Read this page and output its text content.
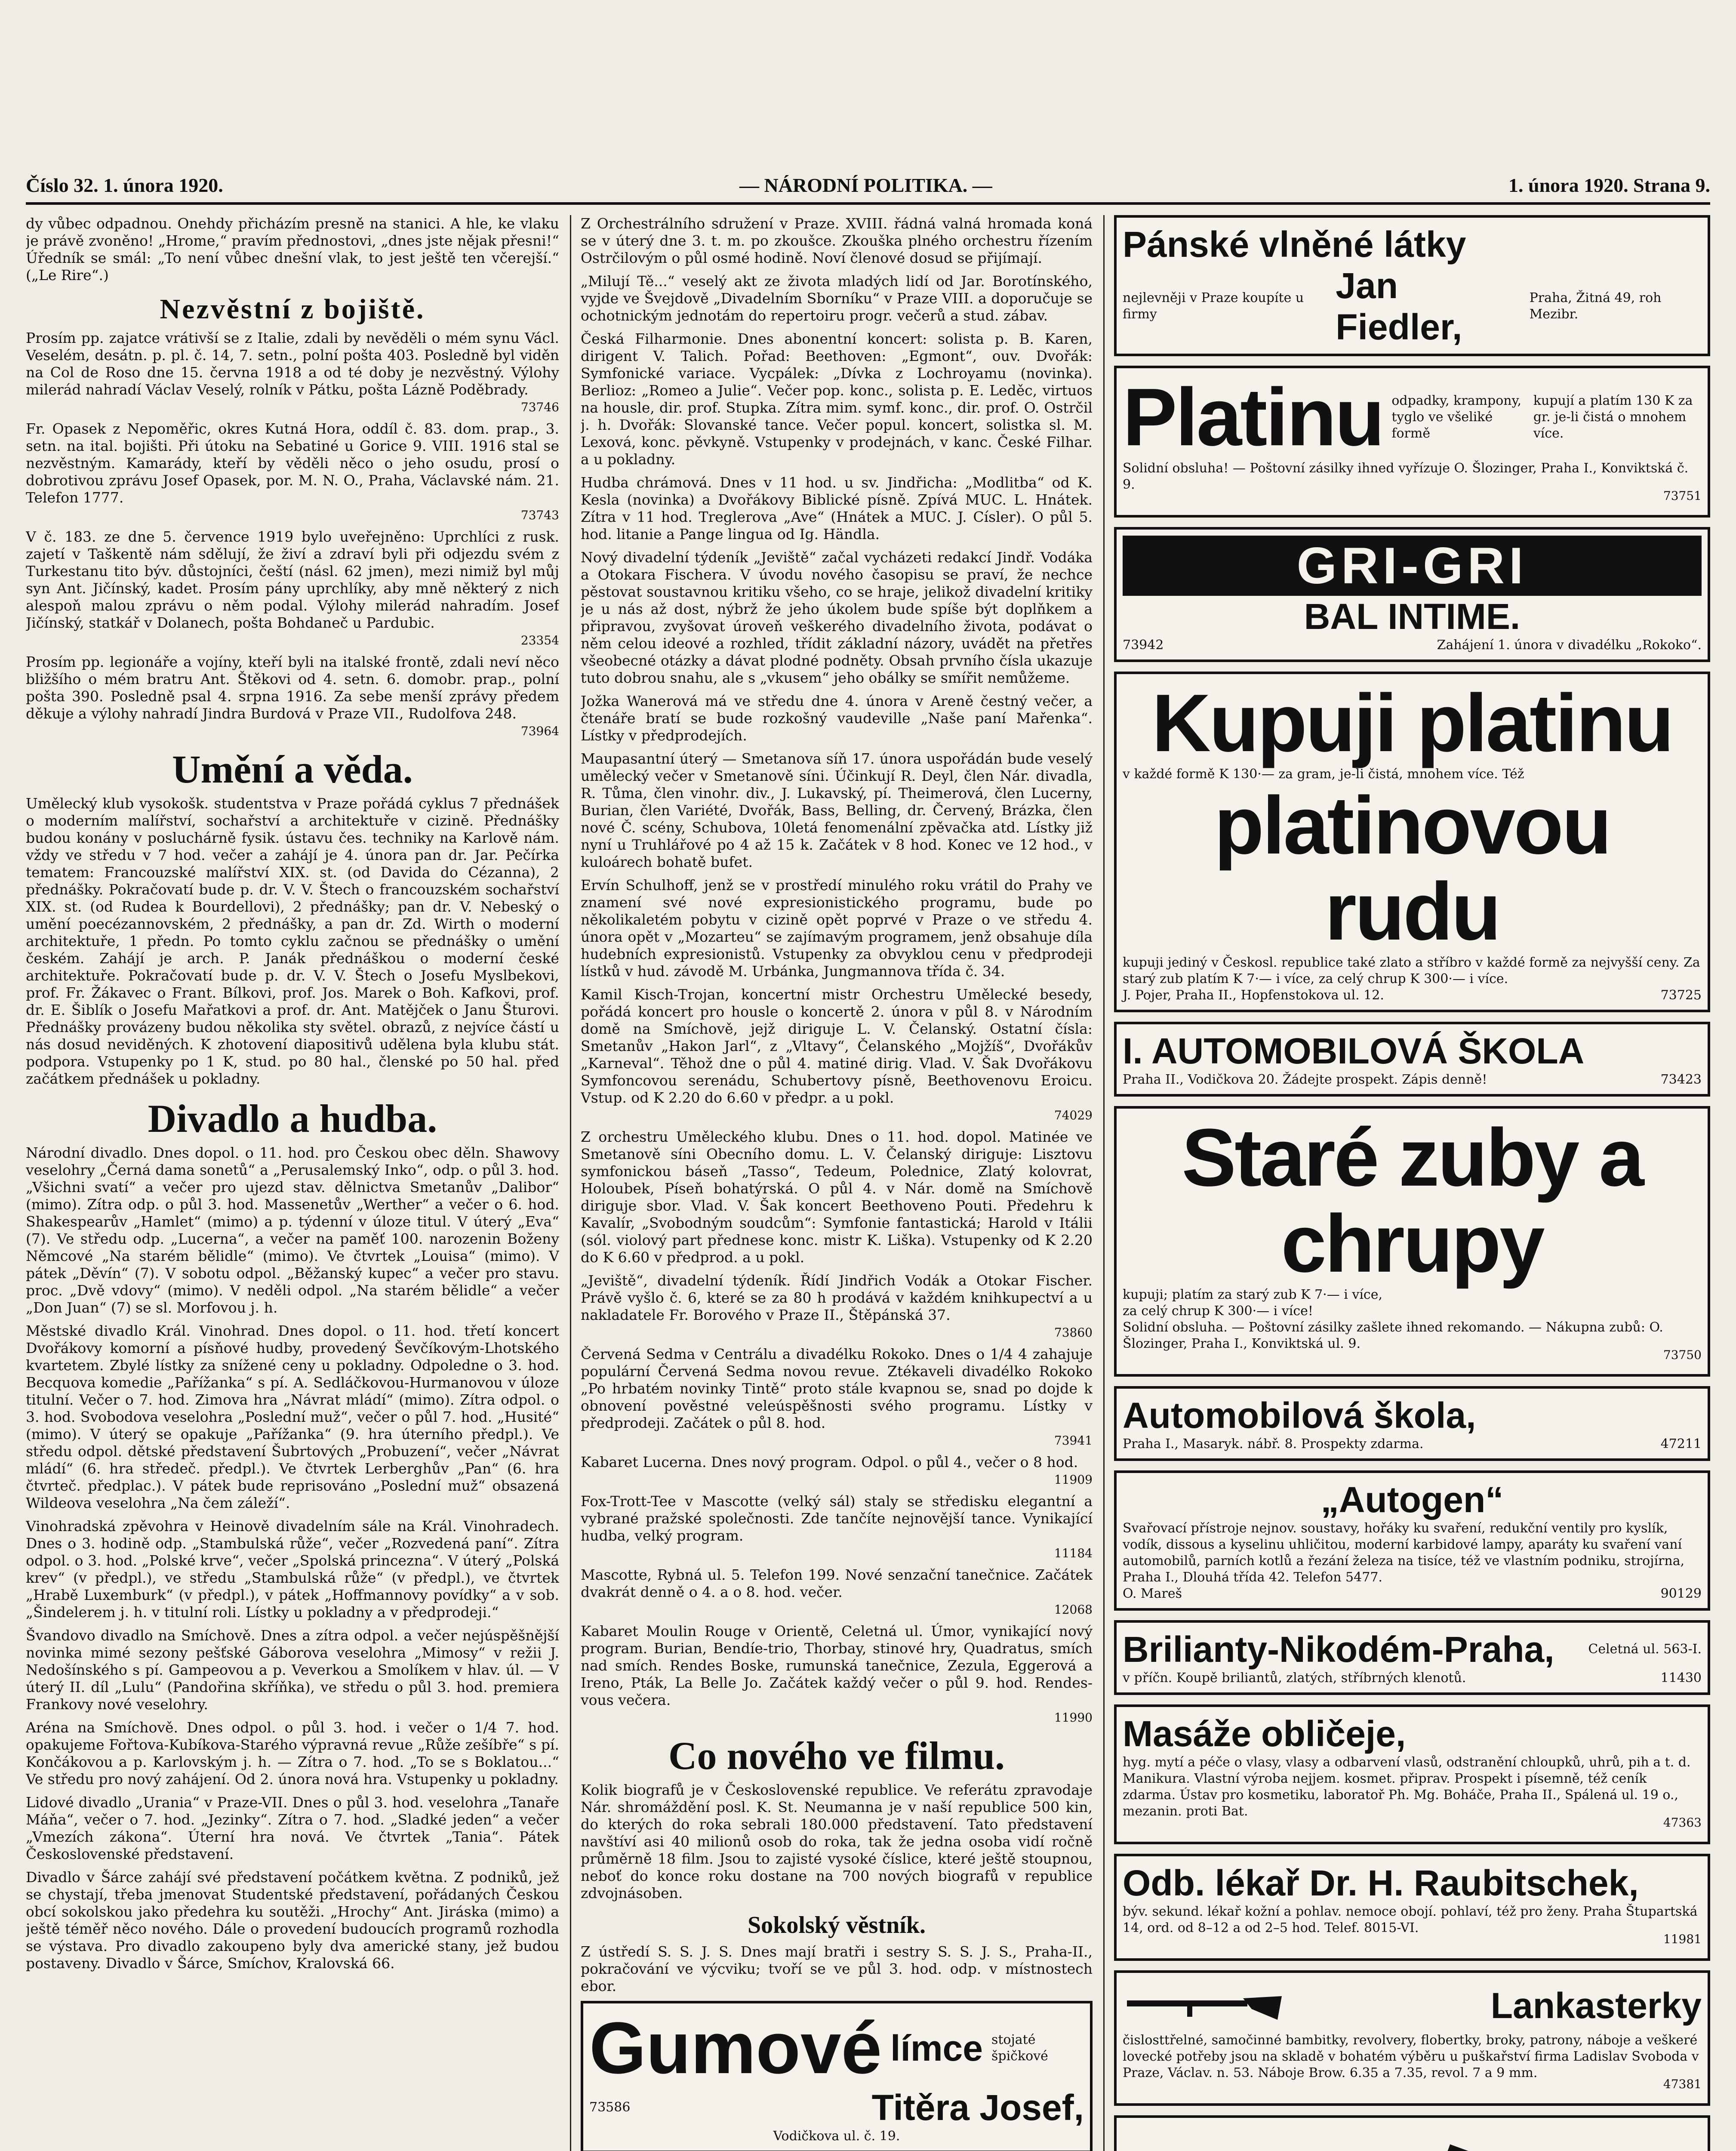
Číslo 32. 1. února 1920.	— NÁRODNÍ POLITIKA. —	1. února 1920. Strana 9.

dy vůbec odpadnou. Onehdy přicházím presně na stanici. A hle, ke vlaku je právě zvoněno! „Hrome,“ pravím přednostovi, „dnes jste nějak přesni!“ Úředník se smál: „To není vůbec dnešní vlak, to jest ještě ten včerejší.“ („Le Rire“.)

Nezvěstní z bojiště.

Prosím pp. zajatce vrátivší se z Italie, zdali by nevěděli o mém synu Václ. Veselém, desátn. p. pl. č. 14, 7. setn., polní pošta 403. Posledně byl viděn na Col de Roso dne 15. června 1918 a od té doby je nezvěstný. Výlohy milerád nahradí Václav Veselý, rolník v Pátku, pošta Lázně Poděbrady.

73746

Fr. Opasek z Nepoměřic, okres Kutná Hora, oddíl č. 83. dom. prap., 3. setn. na ital. bojišti. Při útoku na Sebatiné u Gorice 9. VIII. 1916 stal se nezvěstným. Kamarády, kteří by věděli něco o jeho osudu, prosí o dobrotivou zprávu Josef Opasek, por. M. N. O., Praha, Václavské nám. 21. Telefon 1777.

73743

V č. 183. ze dne 5. července 1919 bylo uveřejněno: Uprchlíci z rusk. zajetí v Taškentě nám sdělují, že živí a zdraví byli při odjezdu svém z Turkestanu tito býv. důstojníci, čeští (násl. 62 jmen), mezi nimiž byl můj syn Ant. Jičínský, kadet. Prosím pány uprchlíky, aby mně některý z nich alespoň malou zprávu o něm podal. Výlohy milerád nahradím. Josef Jičínský, statkář v Dolanech, pošta Bohdaneč u Pardubic.

23354

Prosím pp. legionáře a vojíny, kteří byli na italské frontě, zdali neví něco bližšího o mém bratru Ant. Štěkovi od 4. setn. 6. domobr. prap., polní pošta 390. Posledně psal 4. srpna 1916. Za sebe menší zprávy předem děkuje a výlohy nahradí Jindra Burdová v Praze VII., Rudolfova 248.

73964
Umění a věda.

Umělecký klub vysokošk. studentstva v Praze pořádá cyklus 7 přednášek o moderním malířství, sochařství a architektuře v cizině. Přednášky budou konány v posluchárně fysik. ústavu čes. techniky na Karlově nám. vždy ve středu v 7 hod. večer a zahájí je 4. února pan dr. Jar. Pečírka tematem: Francouzské malířství XIX. st. (od Davida do Cézanna), 2 přednášky. Pokračovatí bude p. dr. V. V. Štech o francouzském sochařství XIX. st. (od Rudea k Bourdellovi), 2 přednášky; pan dr. V. Nebeský o umění poecézannovském, 2 přednášky, a pan dr. Zd. Wirth o moderní architektuře, 1 předn. Po tomto cyklu začnou se přednášky o umění českém. Zahájí je arch. P. Janák přednáškou o moderní české architektuře. Pokračovatí bude p. dr. V. V. Štech o Josefu Myslbekovi, prof. Fr. Žákavec o Frant. Bílkovi, prof. Jos. Marek o Boh. Kafkovi, prof. dr. E. Šiblík o Josefu Mařatkovi a prof. dr. Ant. Matějček o Janu Šturovi. Přednášky provázeny budou několika sty světel. obrazů, z nejvíce částí u nás dosud neviděných. K zhotovení diapositivů udělena byla klubu stát. podpora. Vstupenky po 1 K, stud. po 80 hal., členské po 50 hal. před začátkem přednášek u pokladny.

Divadlo a hudba.

Národní divadlo. Dnes dopol. o 11. hod. pro Českou obec děln. Shawovy veselohry „Černá dama sonetů“ a „Perusalemský Inko“, odp. o půl 3. hod. „Všichni svatí“ a večer pro ujezd stav. dělnictva Smetanův „Dalibor“ (mimo). Zítra odp. o půl 3. hod. Massenetův „Werther“ a večer o 6. hod. Shakespearův „Hamlet“ (mimo) a p. týdenní v úloze titul. V úterý „Eva“ (7). Ve středu odp. „Lucerna“, a večer na paměť 100. narozenin Boženy Němcové „Na starém bělidle“ (mimo). Ve čtvrtek „Louisa“ (mimo). V pátek „Děvín“ (7). V sobotu odpol. „Běžanský kupec“ a večer pro stavu. proc. „Dvě vdovy“ (mimo). V neděli odpol. „Na starém bělidle“ a večer „Don Juan“ (7) se sl. Morfovou j. h.

Městské divadlo Král. Vinohrad. Dnes dopol. o 11. hod. třetí koncert Dvořákovy komorní a písňové hudby, provedený Ševčíkovým-Lhotského kvartetem. Zbylé lístky za snížené ceny u pokladny. Odpoledne o 3. hod. Becquova komedie „Pařížanka“ s pí. A. Sedláčkovou-Hurmanovou v úloze titulní. Večer o 7. hod. Zimova hra „Návrat mládí“ (mimo). Zítra odpol. o 3. hod. Svobodova veselohra „Poslední muž“, večer o půl 7. hod. „Husité“ (mimo). V úterý se opakuje „Pařížanka“ (9. hra úterního předpl.). Ve středu odpol. dětské představení Šubrtových „Probuzení“, večer „Návrat mládí“ (6. hra středeč. předpl.). Ve čtvrtek Lerberghův „Pan“ (6. hra čtvrteč. předplac.). V pátek bude reprisováno „Poslední muž“ obsazená Wildeova veselohra „Na čem záleží“.

Vinohradská zpěvohra v Heinově divadelním sále na Král. Vinohradech. Dnes o 3. hodině odp. „Stambulská růže“, večer „Rozvedená paní“. Zítra odpol. o 3. hod. „Polské krve“, večer „Spolská princezna“. V úterý „Polská krev“ (v předpl.), ve středu „Stambulská růže“ (v předpl.), ve čtvrtek „Hrabě Luxemburk“ (v předpl.), v pátek „Hoffmannovy povídky“ a v sob. „Šindelerem j. h. v titulní roli. Lístky u pokladny a v předprodeji.“

Švandovo divadlo na Smíchově. Dnes a zítra odpol. a večer nejúspěšnější novinka mimé sezony pešťské Gáborova veselohra „Mimosy“ v režii J. Nedošínského s pí. Gampeovou a p. Veverkou a Smolíkem v hlav. úl. — V úterý II. díl „Lulu“ (Pandořina skříňka), ve středu o půl 3. hod. premiera Frankovy nové veselohry.

Aréna na Smíchově. Dnes odpol. o půl 3. hod. i večer o 1/4 7. hod. opakujeme Fořtova-Kubíkova-Starého výpravná revue „Růže zešíbře“ s pí. Končákovou a p. Karlovským j. h. — Zítra o 7. hod. „To se s Boklatou...“ Ve středu pro nový zahájení. Od 2. února nová hra. Vstupenky u pokladny.

Lidové divadlo „Urania“ v Praze-VII. Dnes o půl 3. hod. veselohra „Tanaře Máňa“, večer o 7. hod. „Jezinky“. Zítra o 7. hod. „Sladké jeden“ a večer „Vmezích zákona“. Úterní hra nová. Ve čtvrtek „Tania“. Pátek Československé představení.

Divadlo v Šárce zahájí své představení počátkem května. Z podniků, jež se chystají, třeba jmenovat Studentské představení, pořádaných Českou obcí sokolskou jako předehra ku soutěži. „Hrochy“ Ant. Jiráska (mimo) a ještě téměř něco nového. Dále o provedení budoucích programů rozhodla se výstava. Pro divadlo zakoupeno byly dva americké stany, jež budou postaveny. Divadlo v Šárce, Smíchov, Kralovská 66.

Z Orchestrálního sdružení v Praze. XVIII. řádná valná hromada koná se v úterý dne 3. t. m. po zkoušce. Zkouška plného orchestru řízením Ostrčilovým o půl osmé hodině. Noví členové dosud se přijímají.

„Milují Tě...“ veselý akt ze života mladých lidí od Jar. Borotínského, vyjde ve Švejdově „Divadelním Sborníku“ v Praze VIII. a doporučuje se ochotnickým jednotám do repertoiru progr. večerů a stud. zábav.

Česká Filharmonie. Dnes abonentní koncert: solista p. B. Karen, dirigent V. Talich. Pořad: Beethoven: „Egmont“, ouv. Dvořák: Symfonické variace. Vycpálek: „Dívka z Lochroyamu (novinka). Berlioz: „Romeo a Julie“. Večer pop. konc., solista p. E. Leděc, virtuos na housle, dir. prof. Stupka. Zítra mim. symf. konc., dir. prof. O. Ostrčil j. h. Dvořák: Slovanské tance. Večer popul. koncert, solistka sl. M. Lexová, konc. pěvkyně. Vstupenky v prodejnách, v kanc. České Filhar. a u pokladny.

Hudba chrámová. Dnes v 11 hod. u sv. Jindřicha: „Modlitba“ od K. Kesla (novinka) a Dvořákovy Biblické písně. Zpívá MUC. L. Hnátek. Zítra v 11 hod. Treglerova „Ave“ (Hnátek a MUC. J. Císler). O půl 5. hod. litanie a Pange lingua od Ig. Händla.

Nový divadelní týdeník „Jeviště“ začal vycházeti redakcí Jindř. Vodáka a Otokara Fischera. V úvodu nového časopisu se praví, že nechce pěstovat soustavnou kritiku všeho, co se hraje, jelikož divadelní kritiky je u nás až dost, nýbrž že jeho úkolem bude spíše být doplňkem a připravou, zvyšovat úroveň veškerého divadelního života, podávat o něm celou ideové a rozhled, třídit základní názory, uvádět na přetřes všeobecné otázky a dávat plodné podněty. Obsah prvního čísla ukazuje tuto dobrou snahu, ale s „vkusem“ jeho obálky se smířit nemůžeme.

Jožka Wanerová má ve středu dne 4. února v Areně čestný večer, a čtenáře bratí se bude rozkošný vaudeville „Naše paní Mařenka“. Lístky v předprodejích.

Maupasantní úterý — Smetanova síň 17. února uspořádán bude veselý umělecký večer v Smetanově síni. Účinkují R. Deyl, člen Nár. divadla, R. Tůma, člen vinohr. div., J. Lukavský, pí. Theimerová, člen Lucerny, Burian, člen Variété, Dvořák, Bass, Belling, dr. Červený, Brázka, člen nové Č. scény, Schubova, 10letá fenomenální zpěvačka atd. Lístky již nyní u Truhlářové po 4 až 15 k. Začátek v 8 hod. Konec ve 12 hod., v kuloárech bohatě bufet.

Ervín Schulhoff, jenž se v prostředí minulého roku vrátil do Prahy ve znamení své nové expresionistického programu, bude po několikaletém pobytu v cizině opět poprvé v Praze o ve středu 4. února opět v „Mozarteu“ se zajímavým programem, jenž obsahuje díla hudebních expresionistů. Vstupenky za obvyklou cenu v předprodeji lístků v hud. závodě M. Urbánka, Jungmannova třída č. 34.

Kamil Kisch-Trojan, koncertní mistr Orchestru Umělecké besedy, pořádá koncert pro housle o koncertě 2. února v půl 8. v Národním domě na Smíchově, jejž diriguje L. V. Čelanský. Ostatní čísla: Smetanův „Hakon Jarl“, z „Vltavy“, Čelanského „Mojžíš“, Dvořákův „Karneval“. Těhož dne o půl 4. matiné dirig. Vlad. V. Šak Dvořákovu Symfoncovou serenádu, Schubertovy písně, Beethovenovu Eroicu. Vstup. od K 2.20 do 6.60 v předpr. a u pokl.

74029

Z orchestru Uměleckého klubu. Dnes o 11. hod. dopol. Matinée ve Smetanově síni Obecního domu. L. V. Čelanský diriguje: Lisztovu symfonickou báseň „Tasso“, Tedeum, Polednice, Zlatý kolovrat, Holoubek, Píseň bohatýrská. O půl 4. v Nár. domě na Smíchově diriguje sbor. Vlad. V. Šak koncert Beethoveno Pouti. Předehru k Kavalír, „Svobodným soudcům“: Symfonie fantastická; Harold v Itálii (sól. violový part přednese konc. mistr K. Liška). Vstupenky od K 2.20 do K 6.60 v předprod. a u pokl.

„Jeviště“, divadelní týdeník. Řídí Jindřich Vodák a Otokar Fischer. Právě vyšlo č. 6, které se za 80 h prodává v každém knihkupectví a u nakladatele Fr. Borového v Praze II., Štěpánská 37.

73860

Červená Sedma v Centrálu a divadélku Rokoko. Dnes o 1/4 4 zahajuje populární Červená Sedma novou revue. Ztékaveli divadélko Rokoko „Po hrbatém novinky Tintě“ proto stále kvapnou se, snad po dojde k obnovení pověstné veleúspěšnosti svého programu. Lístky v předprodeji. Začátek o půl 8. hod.

73941

Kabaret Lucerna. Dnes nový program. Odpol. o půl 4., večer o 8 hod.

11909

Fox-Trott-Tee v Mascotte (velký sál) staly se středisku elegantní a vybrané pražské společnosti. Zde tančíte nejnovější tance. Vynikající hudba, velký program.

11184

Mascotte, Rybná ul. 5. Telefon 199. Nové senzační tanečnice. Začátek dvakrát denně o 4. a o 8. hod. večer.

12068

Kabaret Moulin Rouge v Orientě, Celetná ul. Úmor, vynikající nový program. Burian, Bendíe-trio, Thorbay, stinové hry, Quadratus, smích nad smích. Rendes Boske, rumunská tanečnice, Zezula, Eggerová a Ireno, Pták, La Belle Jo. Začátek každý večer o půl 9. hod. Rendes-vous večera.

11990
Co nového ve filmu.

Kolik biografů je v Československé republice. Ve referátu zpravodaje Nár. shromáždění posl. K. St. Neumanna je v naší republice 500 kin, do kterých do roka sebrali 180.000 představení. Tato představení navštíví asi 40 milionů osob do roka, tak že jedna osoba vidí ročně průměrně 18 film. Jsou to zajisté vysoké číslice, které ještě stoupnou, neboť do konce roku dostane na 700 nových biografů v republice zdvojnásoben.

Sokolský věstník.

Z ústředí S. S. J. S. Dnes mají bratři i sestry S. S. J. S., Praha-II., pokračování ve výcviku; tvoří se ve půl 3. hod. odp. v místnostech ebor.

Gumové límce stojaté špičkové
73586	Titěra Josef,
Vodičkova ul. č. 19.
Pánské vlněné látky
nejlevněji v Praze koupíte u firmy
Jan Fiedler,
Praha, Žitná 49, roh Mezibr.
Platinu odpadky, krampony, tyglo ve všeliké formě
kupují a platím 130 K za gr. je-li čistá o mnohem více.
Solidní obsluha! — Poštovní zásilky ihned vyřízuje O. Šlozinger, Praha I., Konviktská č. 9.
73751
GRI-GRI
BAL INTIME.
73942	Zahájení 1. února v divadélku „Rokoko“.
Kupuji platinu
v každé formě K 130·— za gram, je-li čistá, mnohem více. Též
platinovou rudu
kupuji jediný v Českosl. republice také zlato a stříbro v každé formě za nejvyšší ceny. Za starý zub platím K 7·— i více, za celý chrup K 300·— i více.
J. Pojer, Praha II., Hopfenstokova ul. 12.	73725
I. AUTOMOBILOVÁ ŠKOLA
Praha II., Vodičkova 20. Žádejte prospekt. Zápis denně!	73423
Staré zuby a chrupy
kupuji; platím za starý zub K 7·— i více,
za celý chrup K 300·— i více!
Solidní obsluha. — Poštovní zásilky zašlete ihned rekomando. — Nákupna zubů: O. Šlozinger, Praha I., Konviktská ul. 9.
73750
Automobilová škola,
Praha I., Masaryk. nábř. 8. Prospekty zdarma.	47211
„Autogen“
Svařovací přístroje nejnov. soustavy, hořáky ku svaření, redukční ventily pro kyslík, vodík, dissous a kyselinu uhličitou, moderní karbidové lampy, aparáty ku svaření vaní automobilů, parních kotlů a řezání železa na tisíce, též ve vlastním podniku, strojírna, Praha I., Dlouhá třída 42. Telefon 5477.
O. Mareš	90129
Brilianty-Nikodém-Praha,	Celetná ul. 563-I.
v příčn. Koupě briliantů, zlatých, stříbrných klenotů.	11430
Masáže obličeje,
hyg. mytí a péče o vlasy, vlasy a odbarvení vlasů, odstranění chloupků, uhrů, pih a t. d. Manikura. Vlastní výroba nejjem. kosmet. připrav. Prospekt i písemně, též ceník zdarma. Ústav pro kosmetiku, laboratoř Ph. Mg. Boháče, Praha II., Spálená ul. 19 o., mezanin. proti Bat.
47363
Odb. lékař Dr. H. Raubitschek,
býv. sekund. lékař kožní a pohlav. nemoce obojí. pohlaví, též pro ženy. Praha Štupartská 14, ord. od 8–12 a od 2–5 hod. Telef. 8015-VI.
11981
Lankasterky
čislosttřelné, samočinné bambitky, revolvery, flobertky, broky, patrony, náboje a veškeré lovecké potřeby jsou na skladě v bohatém výběru u puškařství firma Ladislav Svoboda v Praze, Václav. n. 53. Náboje Brow. 6.35 a 7.35, revol. 7 a 9 mm.
47381
